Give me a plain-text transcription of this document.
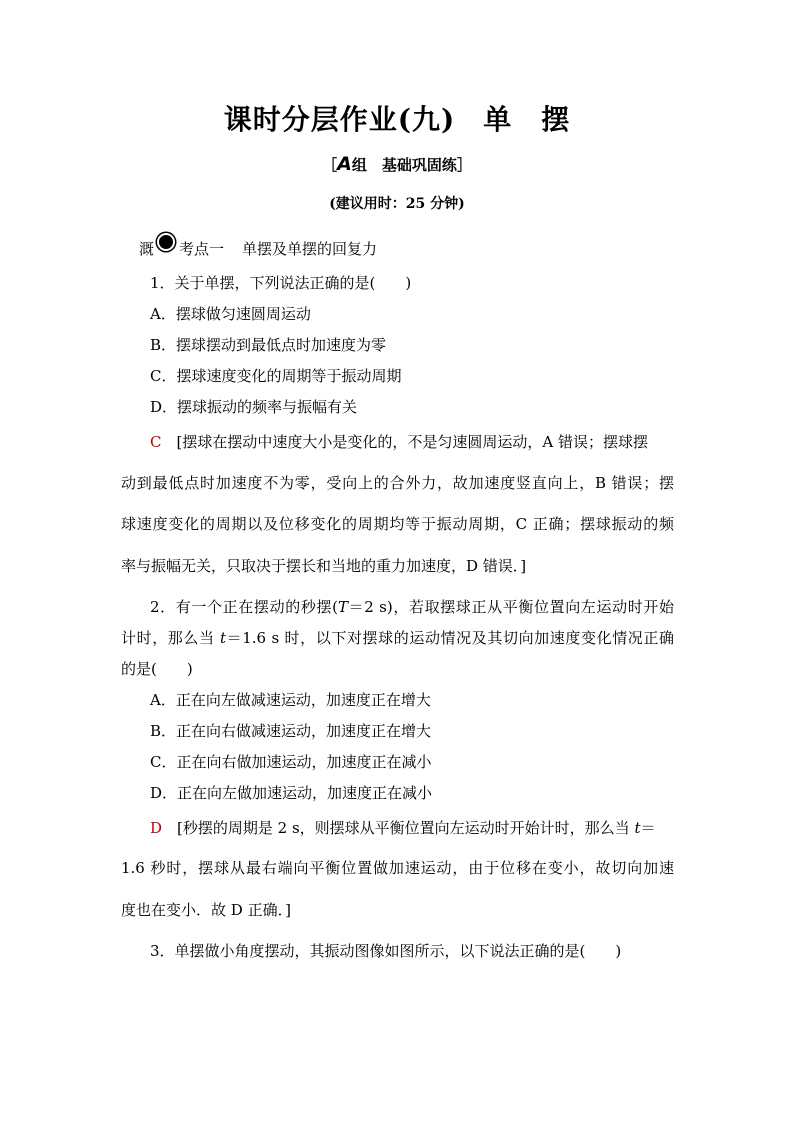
课时分层作业(九) 单　摆
［A组　基础巩固练］
(建议用时：25 分钟)
溉 考点一 单摆及单摆的回复力
1．关于单摆，下列说法正确的是(　　)
A．摆球做匀速圆周运动
B．摆球摆动到最低点时加速度为零
C．摆球速度变化的周期等于振动周期
D．摆球振动的频率与振幅有关
C　 [摆球在摆动中速度大小是变化的，不是匀速圆周运动，A 错误；摆球摆
动到最低点时加速度不为零，受向上的合外力，故加速度竖直向上，B 错误；摆
球速度变化的周期以及位移变化的周期均等于振动周期，C 正确；摆球振动的频
率与振幅无关，只取决于摆长和当地的重力加速度，D 错误．]
2．有一个正在摆动的秒摆(T＝2 s)，若取摆球正从平衡位置向左运动时开始
计时，那么当 t＝1.6 s 时，以下对摆球的运动情况及其切向加速度变化情况正确
的是(　　)
A．正在向左做减速运动，加速度正在增大
B．正在向右做减速运动，加速度正在增大
C．正在向右做加速运动，加速度正在减小
D．正在向左做加速运动，加速度正在减小
D　 [秒摆的周期是 2 s，则摆球从平衡位置向左运动时开始计时，那么当 t＝
1.6 秒时，摆球从最右端向平衡位置做加速运动，由于位移在变小，故切向加速
度也在变小．故 D 正确．]
3．单摆做小角度摆动，其振动图像如图所示，以下说法正确的是(　　)
